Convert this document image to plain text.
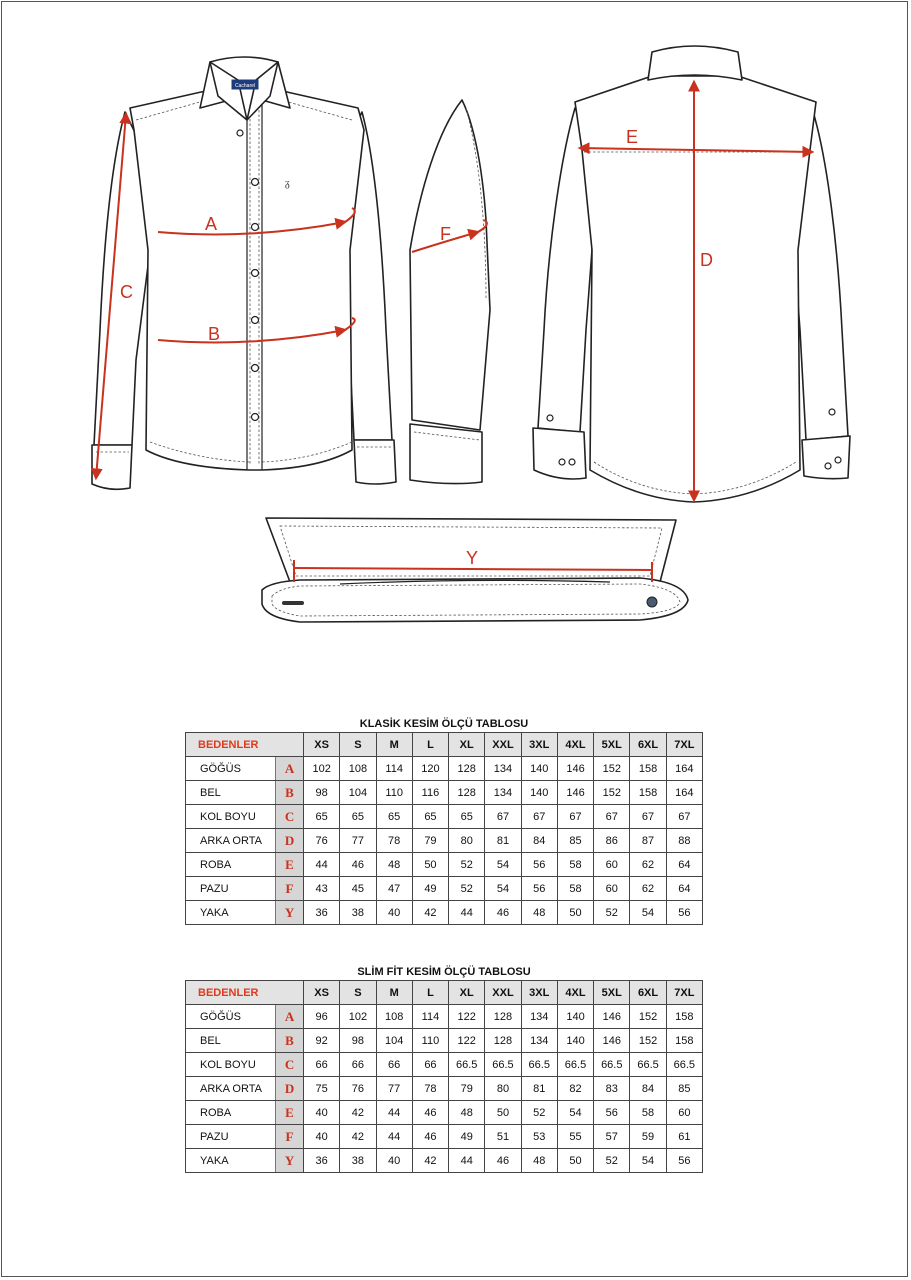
Cacharel
ᵹ
A
B
C
F
E
D
Y
KLASİK KESİM ÖLÇÜ TABLOSU
BEDENLER		XS	S	M	L	XL	XXL	3XL	4XL	5XL	6XL	7XL
GÖĞÜS	A	102	108	114	120	128	134	140	146	152	158	164
BEL	B	98	104	110	116	128	134	140	146	152	158	164
KOL BOYU	C	65	65	65	65	65	67	67	67	67	67	67
ARKA ORTA	D	76	77	78	79	80	81	84	85	86	87	88
ROBA	E	44	46	48	50	52	54	56	58	60	62	64
PAZU	F	43	45	47	49	52	54	56	58	60	62	64
YAKA	Y	36	38	40	42	44	46	48	50	52	54	56
SLİM FİT KESİM ÖLÇÜ TABLOSU
BEDENLER		XS	S	M	L	XL	XXL	3XL	4XL	5XL	6XL	7XL
GÖĞÜS	A	96	102	108	114	122	128	134	140	146	152	158
BEL	B	92	98	104	110	122	128	134	140	146	152	158
KOL BOYU	C	66	66	66	66	66.5	66.5	66.5	66.5	66.5	66.5	66.5
ARKA ORTA	D	75	76	77	78	79	80	81	82	83	84	85
ROBA	E	40	42	44	46	48	50	52	54	56	58	60
PAZU	F	40	42	44	46	49	51	53	55	57	59	61
YAKA	Y	36	38	40	42	44	46	48	50	52	54	56
